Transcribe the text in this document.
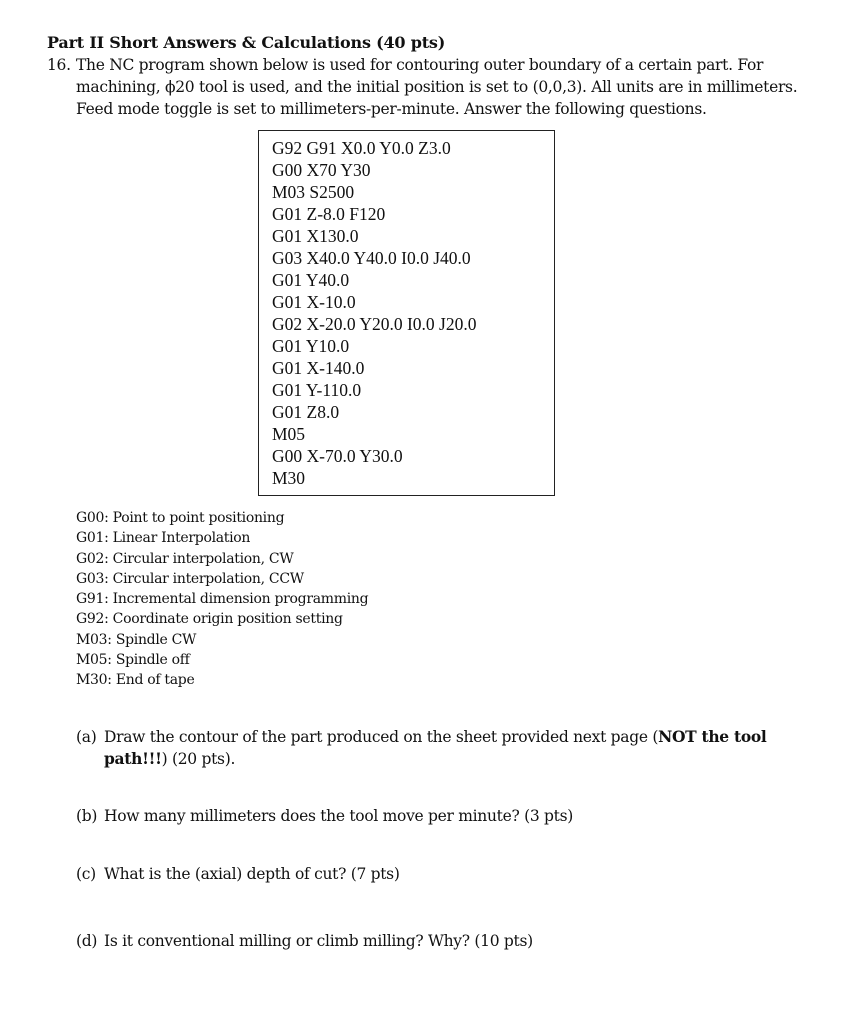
Part II Short Answers & Calculations (40 pts)
16. The NC program shown below is used for contouring outer boundary of a certain part. For machining, ϕ20 tool is used, and the initial position is set to (0,0,3). All units are in millimeters. Feed mode toggle is set to millimeters-per-minute. Answer the following questions.
G92 G91 X0.0 Y0.0 Z3.0
G00 X70 Y30
M03 S2500
G01 Z-8.0 F120
G01 X130.0
G03 X40.0 Y40.0 I0.0 J40.0
G01 Y40.0
G01 X-10.0
G02 X-20.0 Y20.0 I0.0 J20.0
G01 Y10.0
G01 X-140.0
G01 Y-110.0
G01 Z8.0
M05
G00 X-70.0 Y30.0
M30
G00: Point to point positioning
G01: Linear Interpolation
G02: Circular interpolation, CW
G03: Circular interpolation, CCW
G91: Incremental dimension programming
G92: Coordinate origin position setting
M03: Spindle CW
M05: Spindle off
M30: End of tape
(a) Draw the contour of the part produced on the sheet provided next page (NOT the tool path!!!) (20 pts).
(b) How many millimeters does the tool move per minute? (3 pts)
(c) What is the (axial) depth of cut? (7 pts)
(d) Is it conventional milling or climb milling? Why? (10 pts)
